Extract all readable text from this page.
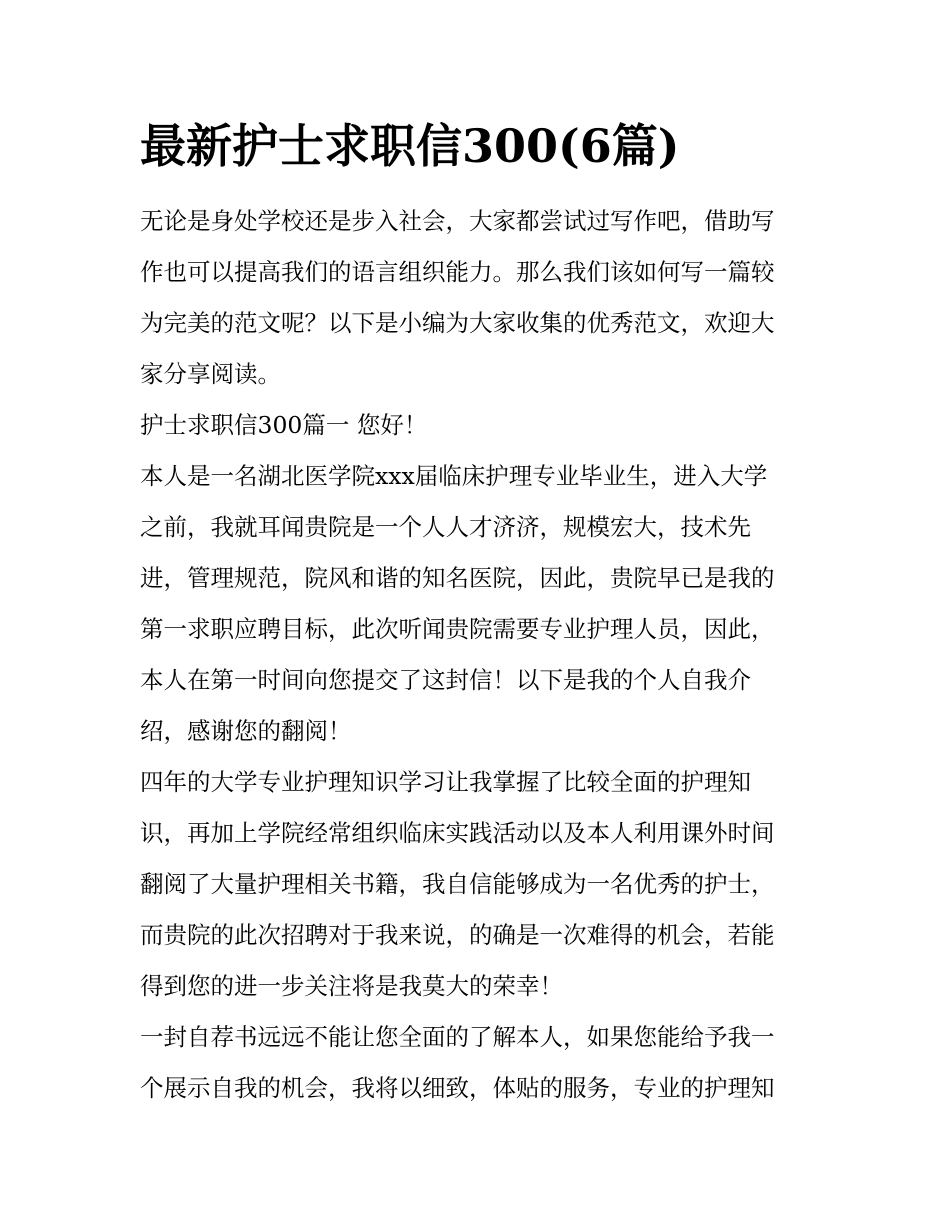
最新护士求职信300(6篇)

无论是身处学校还是步入社会，大家都尝试过写作吧，借助写

作也可以提高我们的语言组织能力。那么我们该如何写一篇较

为完美的范文呢？以下是小编为大家收集的优秀范文，欢迎大

家分享阅读。

护士求职信300篇一 您好！

本人是一名湖北医学院xxx届临床护理专业毕业生，进入大学

之前，我就耳闻贵院是一个人人才济济，规模宏大，技术先

进，管理规范，院风和谐的知名医院，因此，贵院早已是我的

第一求职应聘目标，此次听闻贵院需要专业护理人员，因此，

本人在第一时间向您提交了这封信！以下是我的个人自我介

绍，感谢您的翻阅！

四年的大学专业护理知识学习让我掌握了比较全面的护理知

识，再加上学院经常组织临床实践活动以及本人利用课外时间

翻阅了大量护理相关书籍，我自信能够成为一名优秀的护士，

而贵院的此次招聘对于我来说，的确是一次难得的机会，若能

得到您的进一步关注将是我莫大的荣幸！

一封自荐书远远不能让您全面的了解本人，如果您能给予我一

个展示自我的机会，我将以细致，体贴的服务，专业的护理知
